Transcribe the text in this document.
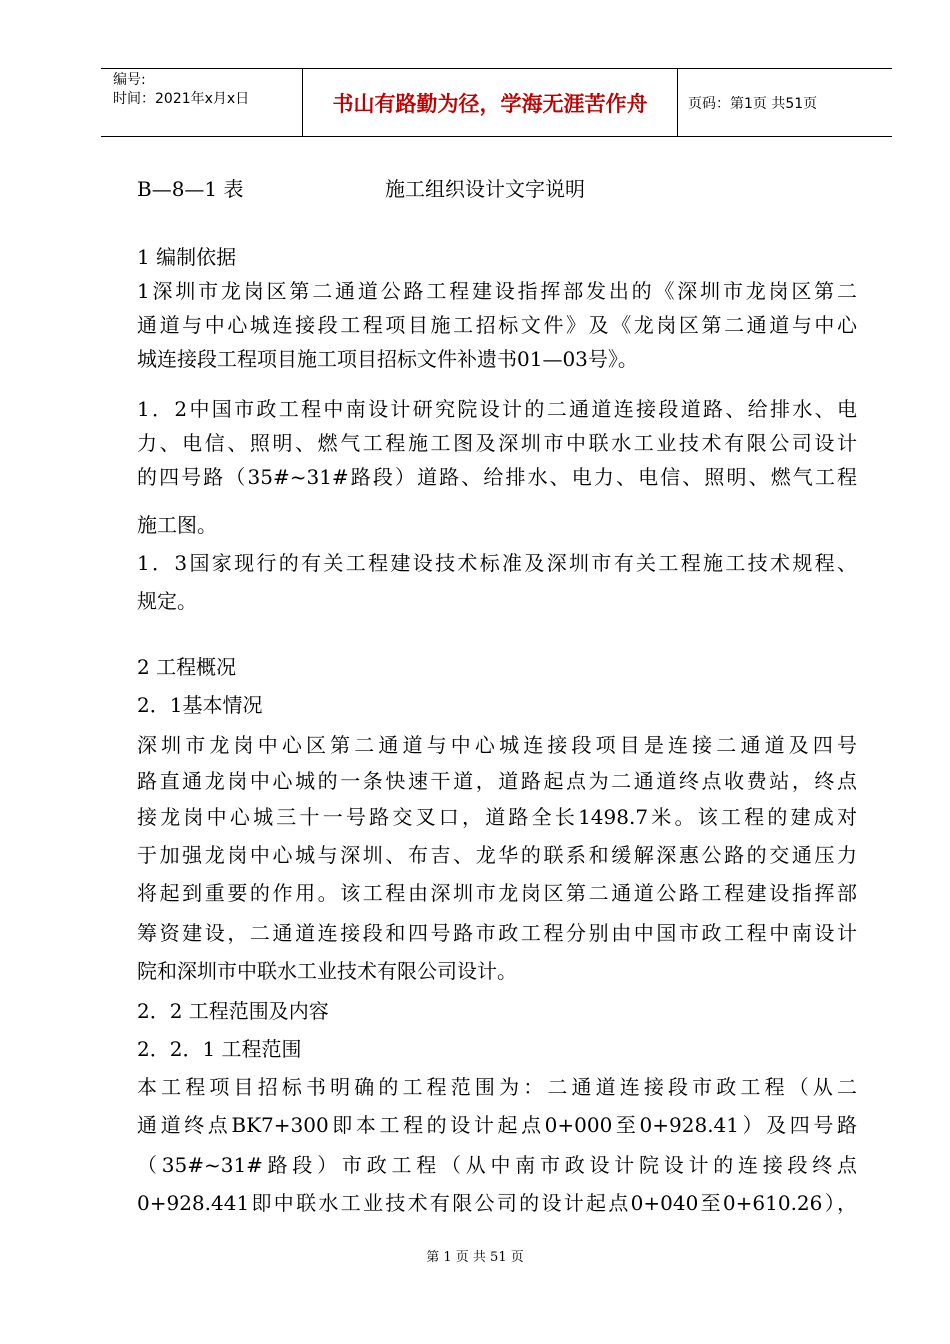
编号:
时间：2021年x月x日	书山有路勤为径，学海无涯苦作舟	页码：第1页 共51页
B—8—1 表	施工组织设计文字说明
1 编制依据
1深圳市龙岗区第二通道公路工程建设指挥部发出的《深圳市龙岗区第二
通道与中心城连接段工程项目施工招标文件》及《龙岗区第二通道与中心
城连接段工程项目施工项目招标文件补遗书01—03号》。
1．2中国市政工程中南设计研究院设计的二通道连接段道路、给排水、电
力、电信、照明、燃气工程施工图及深圳市中联水工业技术有限公司设计
的四号路（35#~31#路段）道路、给排水、电力、电信、照明、燃气工程
施工图。
1．3国家现行的有关工程建设技术标准及深圳市有关工程施工技术规程、
规定。
2 工程概况
2．1基本情况
深圳市龙岗中心区第二通道与中心城连接段项目是连接二通道及四号
路直通龙岗中心城的一条快速干道，道路起点为二通道终点收费站，终点
接龙岗中心城三十一号路交叉口，道路全长1498.7米。该工程的建成对
于加强龙岗中心城与深圳、布吉、龙华的联系和缓解深惠公路的交通压力
将起到重要的作用。该工程由深圳市龙岗区第二通道公路工程建设指挥部
筹资建设，二通道连接段和四号路市政工程分别由中国市政工程中南设计
院和深圳市中联水工业技术有限公司设计。
2．2 工程范围及内容
2．2．1 工程范围
本工程项目招标书明确的工程范围为：二通道连接段市政工程（从二
通道终点BK7+300即本工程的设计起点0+000至0+928.41）及四号路
（35#~31#路段）市政工程（从中南市政设计院设计的连接段终点
0+928.441即中联水工业技术有限公司的设计起点0+040至0+610.26），
第 1 页 共 51 页
